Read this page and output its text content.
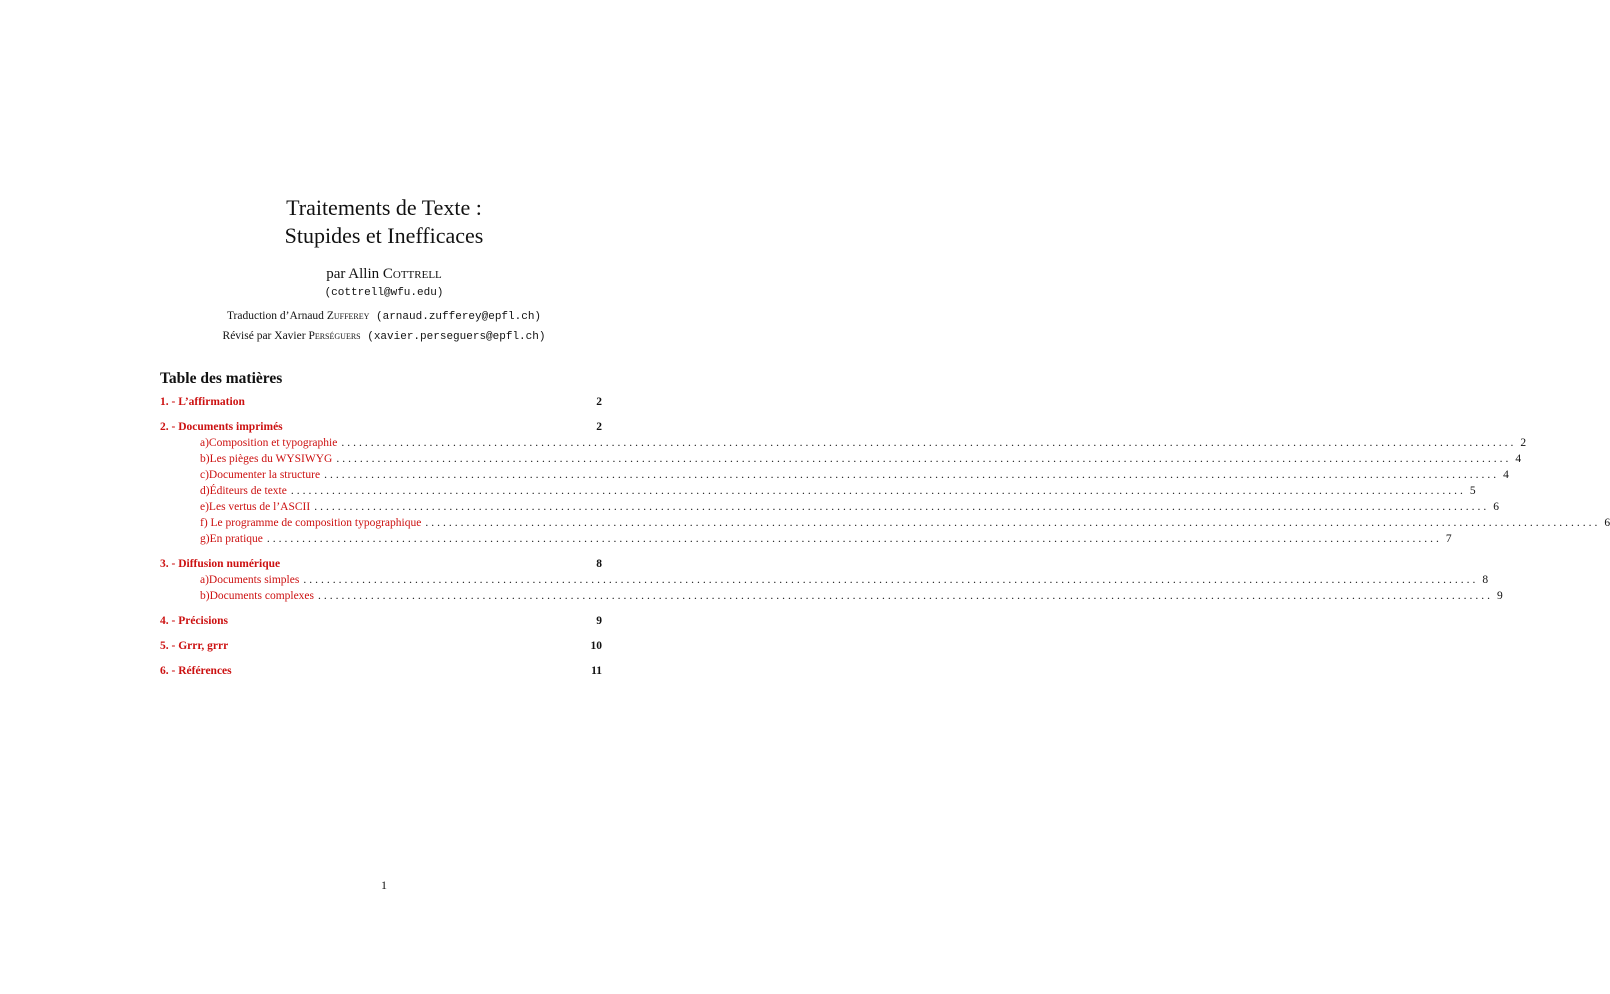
Traitements de Texte :
Stupides et Inefficaces
par Allin Cottrell
(cottrell@wfu.edu)
Traduction d’Arnaud Zufferey (arnaud.zufferey@epfl.ch)
Révisé par Xavier Perséguers (xavier.perseguers@epfl.ch)
Table des matières
1. - L’affirmation	2
2. - Documents imprimés	2
a)Composition et typographie ........................................................................................................................................................................................................ 2
b)Les pièges du WYSIWYG ........................................................................................................................................................................................................ 4
c)Documenter la structure ........................................................................................................................................................................................................ 4
d)Éditeurs de texte ........................................................................................................................................................................................................ 5
e)Les vertus de l’ASCII ........................................................................................................................................................................................................ 6
f) Le programme de composition typographique ........................................................................................................................................................................................................ 6
g)En pratique ........................................................................................................................................................................................................ 7
3. - Diffusion numérique	8
a)Documents simples ........................................................................................................................................................................................................ 8
b)Documents complexes ........................................................................................................................................................................................................ 9
4. - Précisions	9
5. - Grrr, grrr	10
6. - Références	11
1
